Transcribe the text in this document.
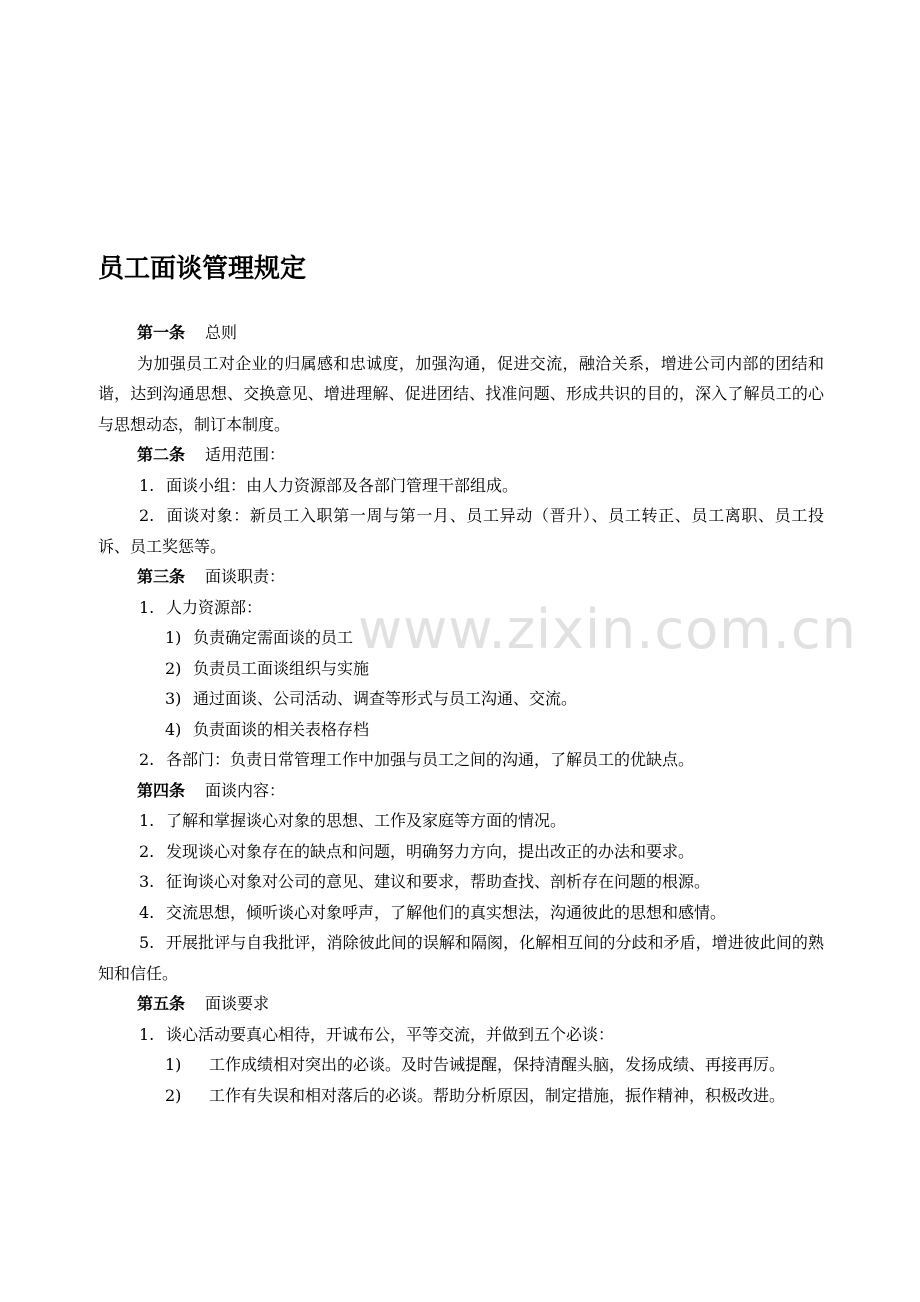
员工面谈管理规定
www.zixin.com.cn
第一条 总则
为加强员工对企业的归属感和忠诚度，加强沟通，促进交流，融洽关系，增进公司内部的团结和谐，达到沟通思想、交换意见、增进理解、促进团结、找准问题、形成共识的目的，深入了解员工的心与思想动态，制订本制度。
第二条 适用范围：
1. 面谈小组：由人力资源部及各部门管理干部组成。
2. 面谈对象：新员工入职第一周与第一月、员工异动（晋升）、员工转正、员工离职、员工投诉、员工奖惩等。
第三条 面谈职责：
1. 人力资源部：
1) 负责确定需面谈的员工
2) 负责员工面谈组织与实施
3) 通过面谈、公司活动、调查等形式与员工沟通、交流。
4) 负责面谈的相关表格存档
2. 各部门：负责日常管理工作中加强与员工之间的沟通，了解员工的优缺点。
第四条 面谈内容：
1. 了解和掌握谈心对象的思想、工作及家庭等方面的情况。
2. 发现谈心对象存在的缺点和问题，明确努力方向，提出改正的办法和要求。
3. 征询谈心对象对公司的意见、建议和要求，帮助查找、剖析存在问题的根源。
4. 交流思想，倾听谈心对象呼声，了解他们的真实想法，沟通彼此的思想和感情。
5. 开展批评与自我批评，消除彼此间的误解和隔阂，化解相互间的分歧和矛盾，增进彼此间的熟知和信任。
第五条 面谈要求
1. 谈心活动要真心相待，开诚布公，平等交流，并做到五个必谈：
1)	工作成绩相对突出的必谈。及时告诫提醒，保持清醒头脑，发扬成绩、再接再厉。
2)	工作有失误和相对落后的必谈。帮助分析原因，制定措施，振作精神，积极改进。
